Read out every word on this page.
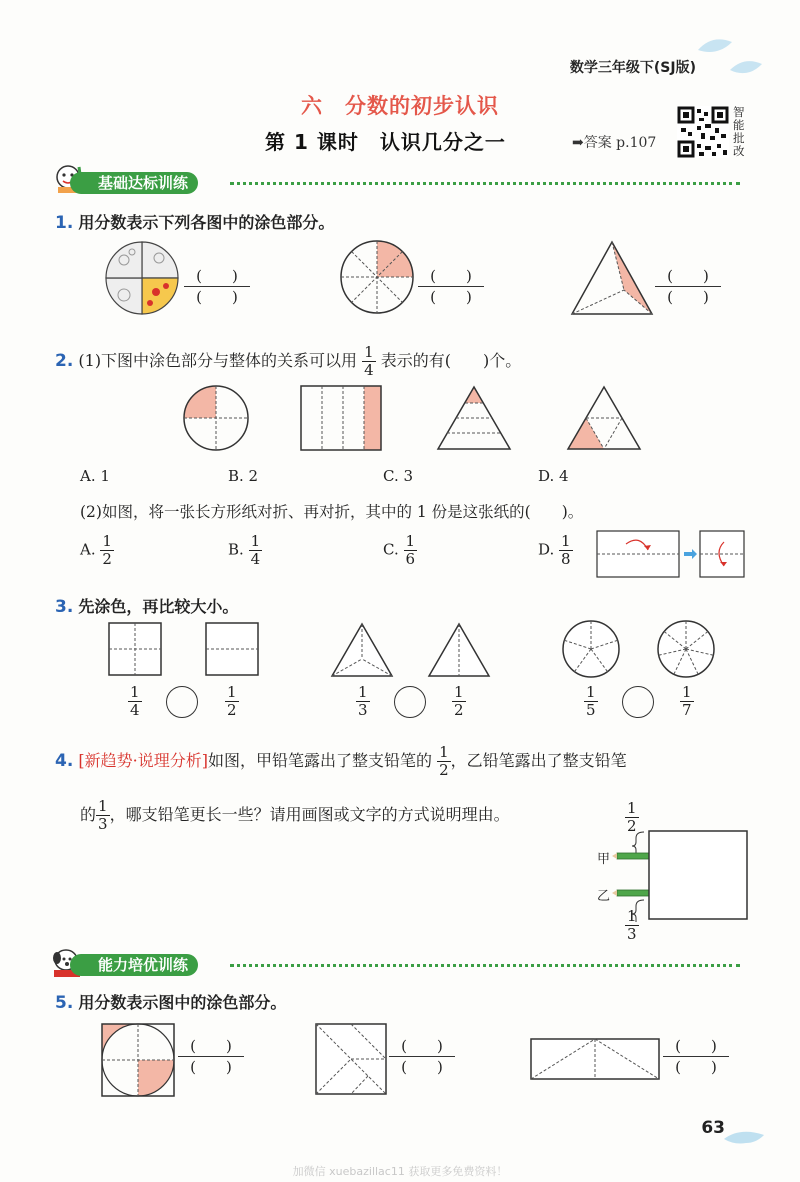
数学三年级下(SJ版)
六　分数的初步认识
第 1 课时　认识几分之一	➡答案 p.107
智能批改
基础达标训练
1. 用分数表示下列各图中的涂色部分。
(　　)
(　　)
(　　)
(　　)
(　　)
(　　)
2. (1)下图中涂色部分与整体的关系可以用 $\frac{1}{4}$ 表示的有(　　)个。
A. 1	B. 2	C. 3	D. 4
(2)如图，将一张长方形纸对折、再对折，其中的 1 份是这张纸的(　　)。
A. $\frac{1}{2}$	B. $\frac{1}{4}$	C. $\frac{1}{6}$	D. $\frac{1}{8}$
3. 先涂色，再比较大小。
$\frac{1}{4}$	$\frac{1}{2}$	$\frac{1}{3}$	$\frac{1}{2}$	$\frac{1}{5}$	$\frac{1}{7}$
4. [新趋势·说理分析]如图，甲铅笔露出了整支铅笔的 $\frac{1}{2}$ ，乙铅笔露出了整支铅笔
的 $\frac{1}{3}$ ，哪支铅笔更长一些？请用画图或文字的方式说明理由。	$\frac{1}{2}$
甲
乙
$\frac{1}{3}$
能力培优训练
5. 用分数表示图中的涂色部分。
(　　)
(　　)
(　　)
(　　)
(　　)
(　　)
63
加微信 xuebazillac11 获取更多免费资料！
